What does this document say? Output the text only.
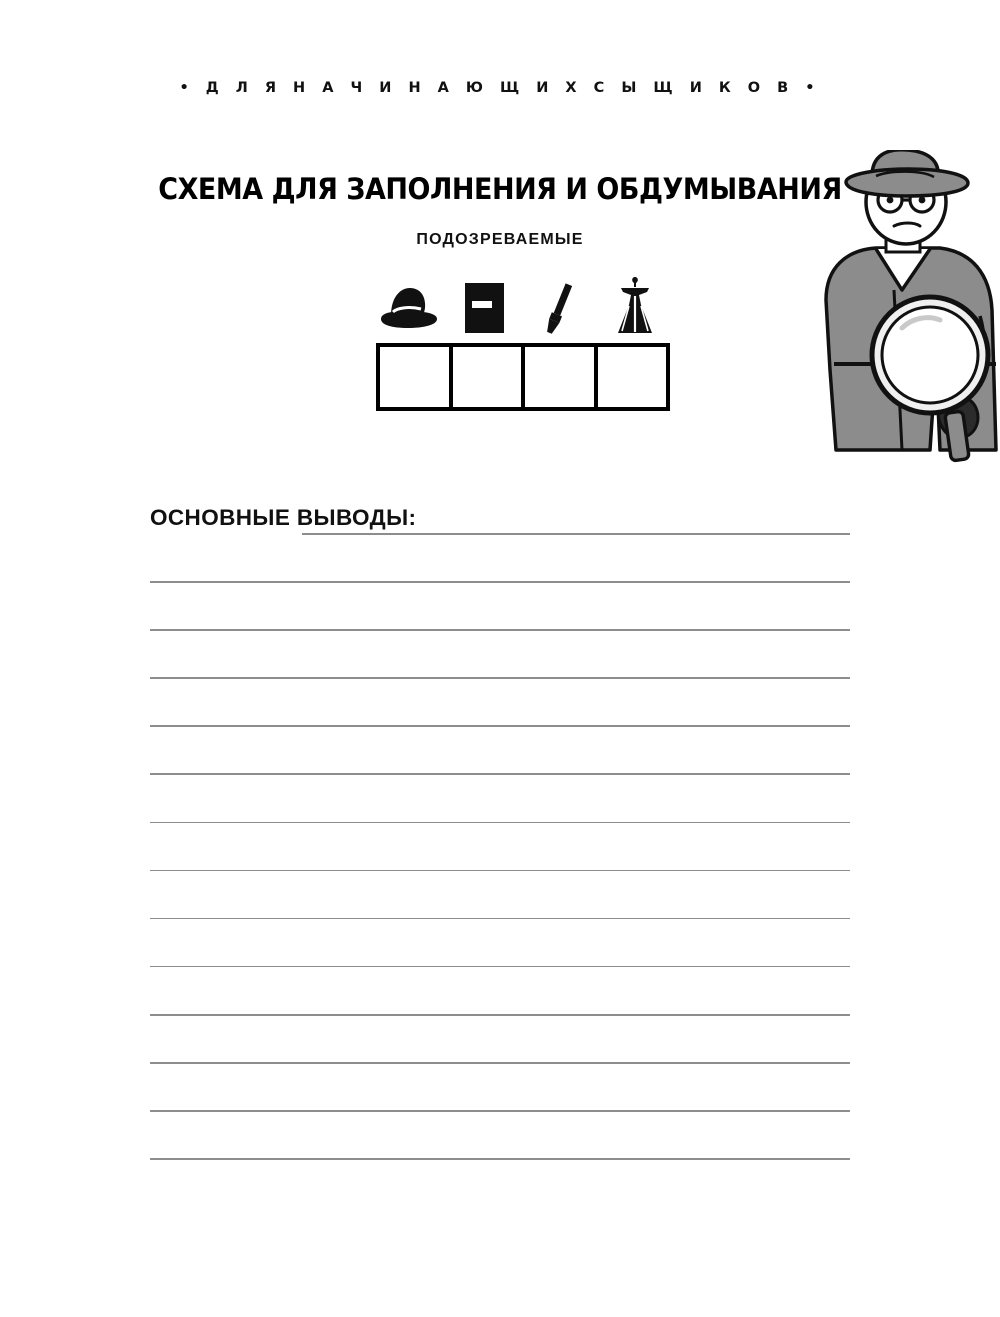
• Д Л Я Н А Ч И Н А Ю Щ И Х С Ы Щ И К О В •
СХЕМА ДЛЯ ЗАПОЛНЕНИЯ И ОБДУМЫВАНИЯ
ПОДОЗРЕВАЕМЫЕ
ОСНОВНЫЕ ВЫВОДЫ:
